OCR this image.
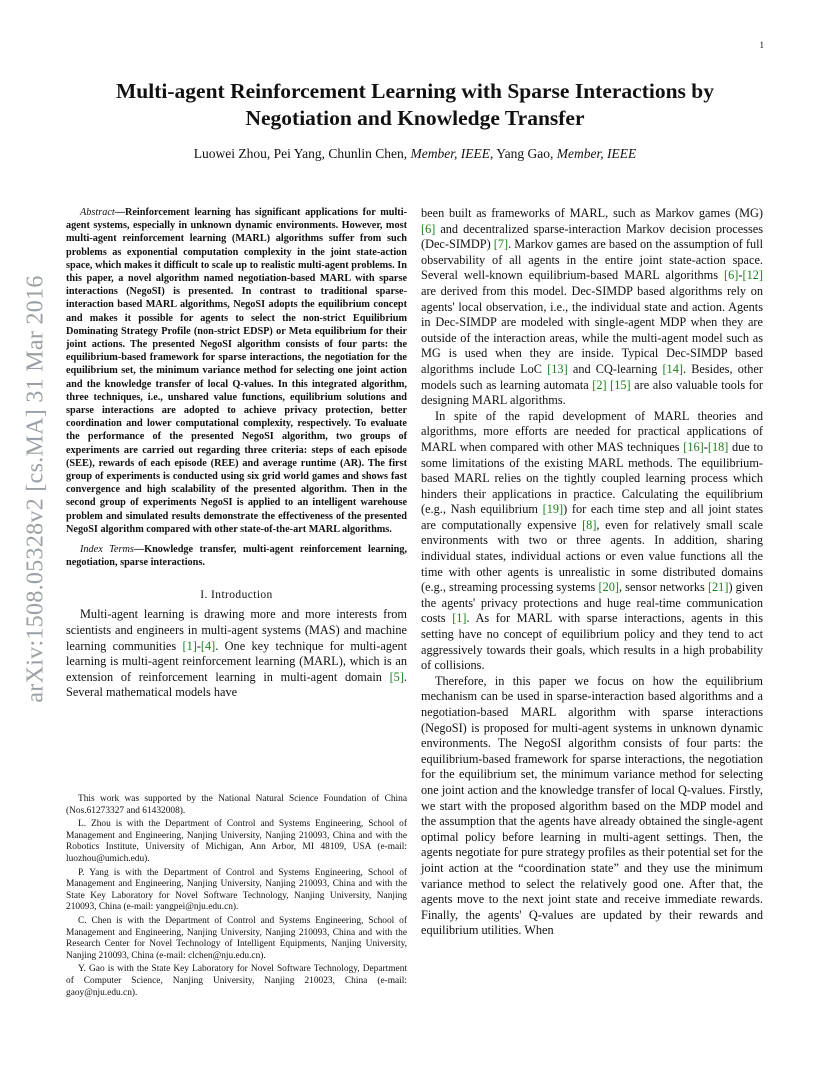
1
arXiv:1508.05328v2 [cs.MA] 31 Mar 2016
Multi-agent Reinforcement Learning with Sparse Interactions by Negotiation and Knowledge Transfer
Luowei Zhou, Pei Yang, Chunlin Chen, Member, IEEE, Yang Gao, Member, IEEE

Abstract—Reinforcement learning has significant applications for multi-agent systems, especially in unknown dynamic environments. However, most multi-agent reinforcement learning (MARL) algorithms suffer from such problems as exponential computation complexity in the joint state-action space, which makes it difficult to scale up to realistic multi-agent problems. In this paper, a novel algorithm named negotiation-based MARL with sparse interactions (NegoSI) is presented. In contrast to traditional sparse-interaction based MARL algorithms, NegoSI adopts the equilibrium concept and makes it possible for agents to select the non-strict Equilibrium Dominating Strategy Profile (non-strict EDSP) or Meta equilibrium for their joint actions. The presented NegoSI algorithm consists of four parts: the equilibrium-based framework for sparse interactions, the negotiation for the equilibrium set, the minimum variance method for selecting one joint action and the knowledge transfer of local Q-values. In this integrated algorithm, three techniques, i.e., unshared value functions, equilibrium solutions and sparse interactions are adopted to achieve privacy protection, better coordination and lower computational complexity, respectively. To evaluate the performance of the presented NegoSI algorithm, two groups of experiments are carried out regarding three criteria: steps of each episode (SEE), rewards of each episode (REE) and average runtime (AR). The first group of experiments is conducted using six grid world games and shows fast convergence and high scalability of the presented algorithm. Then in the second group of experiments NegoSI is applied to an intelligent warehouse problem and simulated results demonstrate the effectiveness of the presented NegoSI algorithm compared with other state-of-the-art MARL algorithms.

Index Terms—Knowledge transfer, multi-agent reinforcement learning, negotiation, sparse interactions.

I. Introduction

Multi-agent learning is drawing more and more interests from scientists and engineers in multi-agent systems (MAS) and machine learning communities [1]-[4]. One key technique for multi-agent learning is multi-agent reinforcement learning (MARL), which is an extension of reinforcement learning in multi-agent domain [5]. Several mathematical models have

This work was supported by the National Natural Science Foundation of China (Nos.61273327 and 61432008).

L. Zhou is with the Department of Control and Systems Engineering, School of Management and Engineering, Nanjing University, Nanjing 210093, China and with the Robotics Institute, University of Michigan, Ann Arbor, MI 48109, USA (e-mail: luozhou@umich.edu).

P. Yang is with the Department of Control and Systems Engineering, School of Management and Engineering, Nanjing University, Nanjing 210093, China and with the State Key Laboratory for Novel Software Technology, Nanjing University, Nanjing 210093, China (e-mail: yangpei@nju.edu.cn).

C. Chen is with the Department of Control and Systems Engineering, School of Management and Engineering, Nanjing University, Nanjing 210093, China and with the Research Center for Novel Technology of Intelligent Equipments, Nanjing University, Nanjing 210093, China (e-mail: clchen@nju.edu.cn).

Y. Gao is with the State Key Laboratory for Novel Software Technology, Department of Computer Science, Nanjing University, Nanjing 210023, China (e-mail: gaoy@nju.edu.cn).

been built as frameworks of MARL, such as Markov games (MG) [6] and decentralized sparse-interaction Markov decision processes (Dec-SIMDP) [7]. Markov games are based on the assumption of full observability of all agents in the entire joint state-action space. Several well-known equilibrium-based MARL algorithms [6]-[12] are derived from this model. Dec-SIMDP based algorithms rely on agents' local observation, i.e., the individual state and action. Agents in Dec-SIMDP are modeled with single-agent MDP when they are outside of the interaction areas, while the multi-agent model such as MG is used when they are inside. Typical Dec-SIMDP based algorithms include LoC [13] and CQ-learning [14]. Besides, other models such as learning automata [2] [15] are also valuable tools for designing MARL algorithms.

In spite of the rapid development of MARL theories and algorithms, more efforts are needed for practical applications of MARL when compared with other MAS techniques [16]-[18] due to some limitations of the existing MARL methods. The equilibrium-based MARL relies on the tightly coupled learning process which hinders their applications in practice. Calculating the equilibrium (e.g., Nash equilibrium [19]) for each time step and all joint states are computationally expensive [8], even for relatively small scale environments with two or three agents. In addition, sharing individual states, individual actions or even value functions all the time with other agents is unrealistic in some distributed domains (e.g., streaming processing systems [20], sensor networks [21]) given the agents' privacy protections and huge real-time communication costs [1]. As for MARL with sparse interactions, agents in this setting have no concept of equilibrium policy and they tend to act aggressively towards their goals, which results in a high probability of collisions.

Therefore, in this paper we focus on how the equilibrium mechanism can be used in sparse-interaction based algorithms and a negotiation-based MARL algorithm with sparse interactions (NegoSI) is proposed for multi-agent systems in unknown dynamic environments. The NegoSI algorithm consists of four parts: the equilibrium-based framework for sparse interactions, the negotiation for the equilibrium set, the minimum variance method for selecting one joint action and the knowledge transfer of local Q-values. Firstly, we start with the proposed algorithm based on the MDP model and the assumption that the agents have already obtained the single-agent optimal policy before learning in multi-agent settings. Then, the agents negotiate for pure strategy profiles as their potential set for the joint action at the “coordination state” and they use the minimum variance method to select the relatively good one. After that, the agents move to the next joint state and receive immediate rewards. Finally, the agents' Q-values are updated by their rewards and equilibrium utilities. When
